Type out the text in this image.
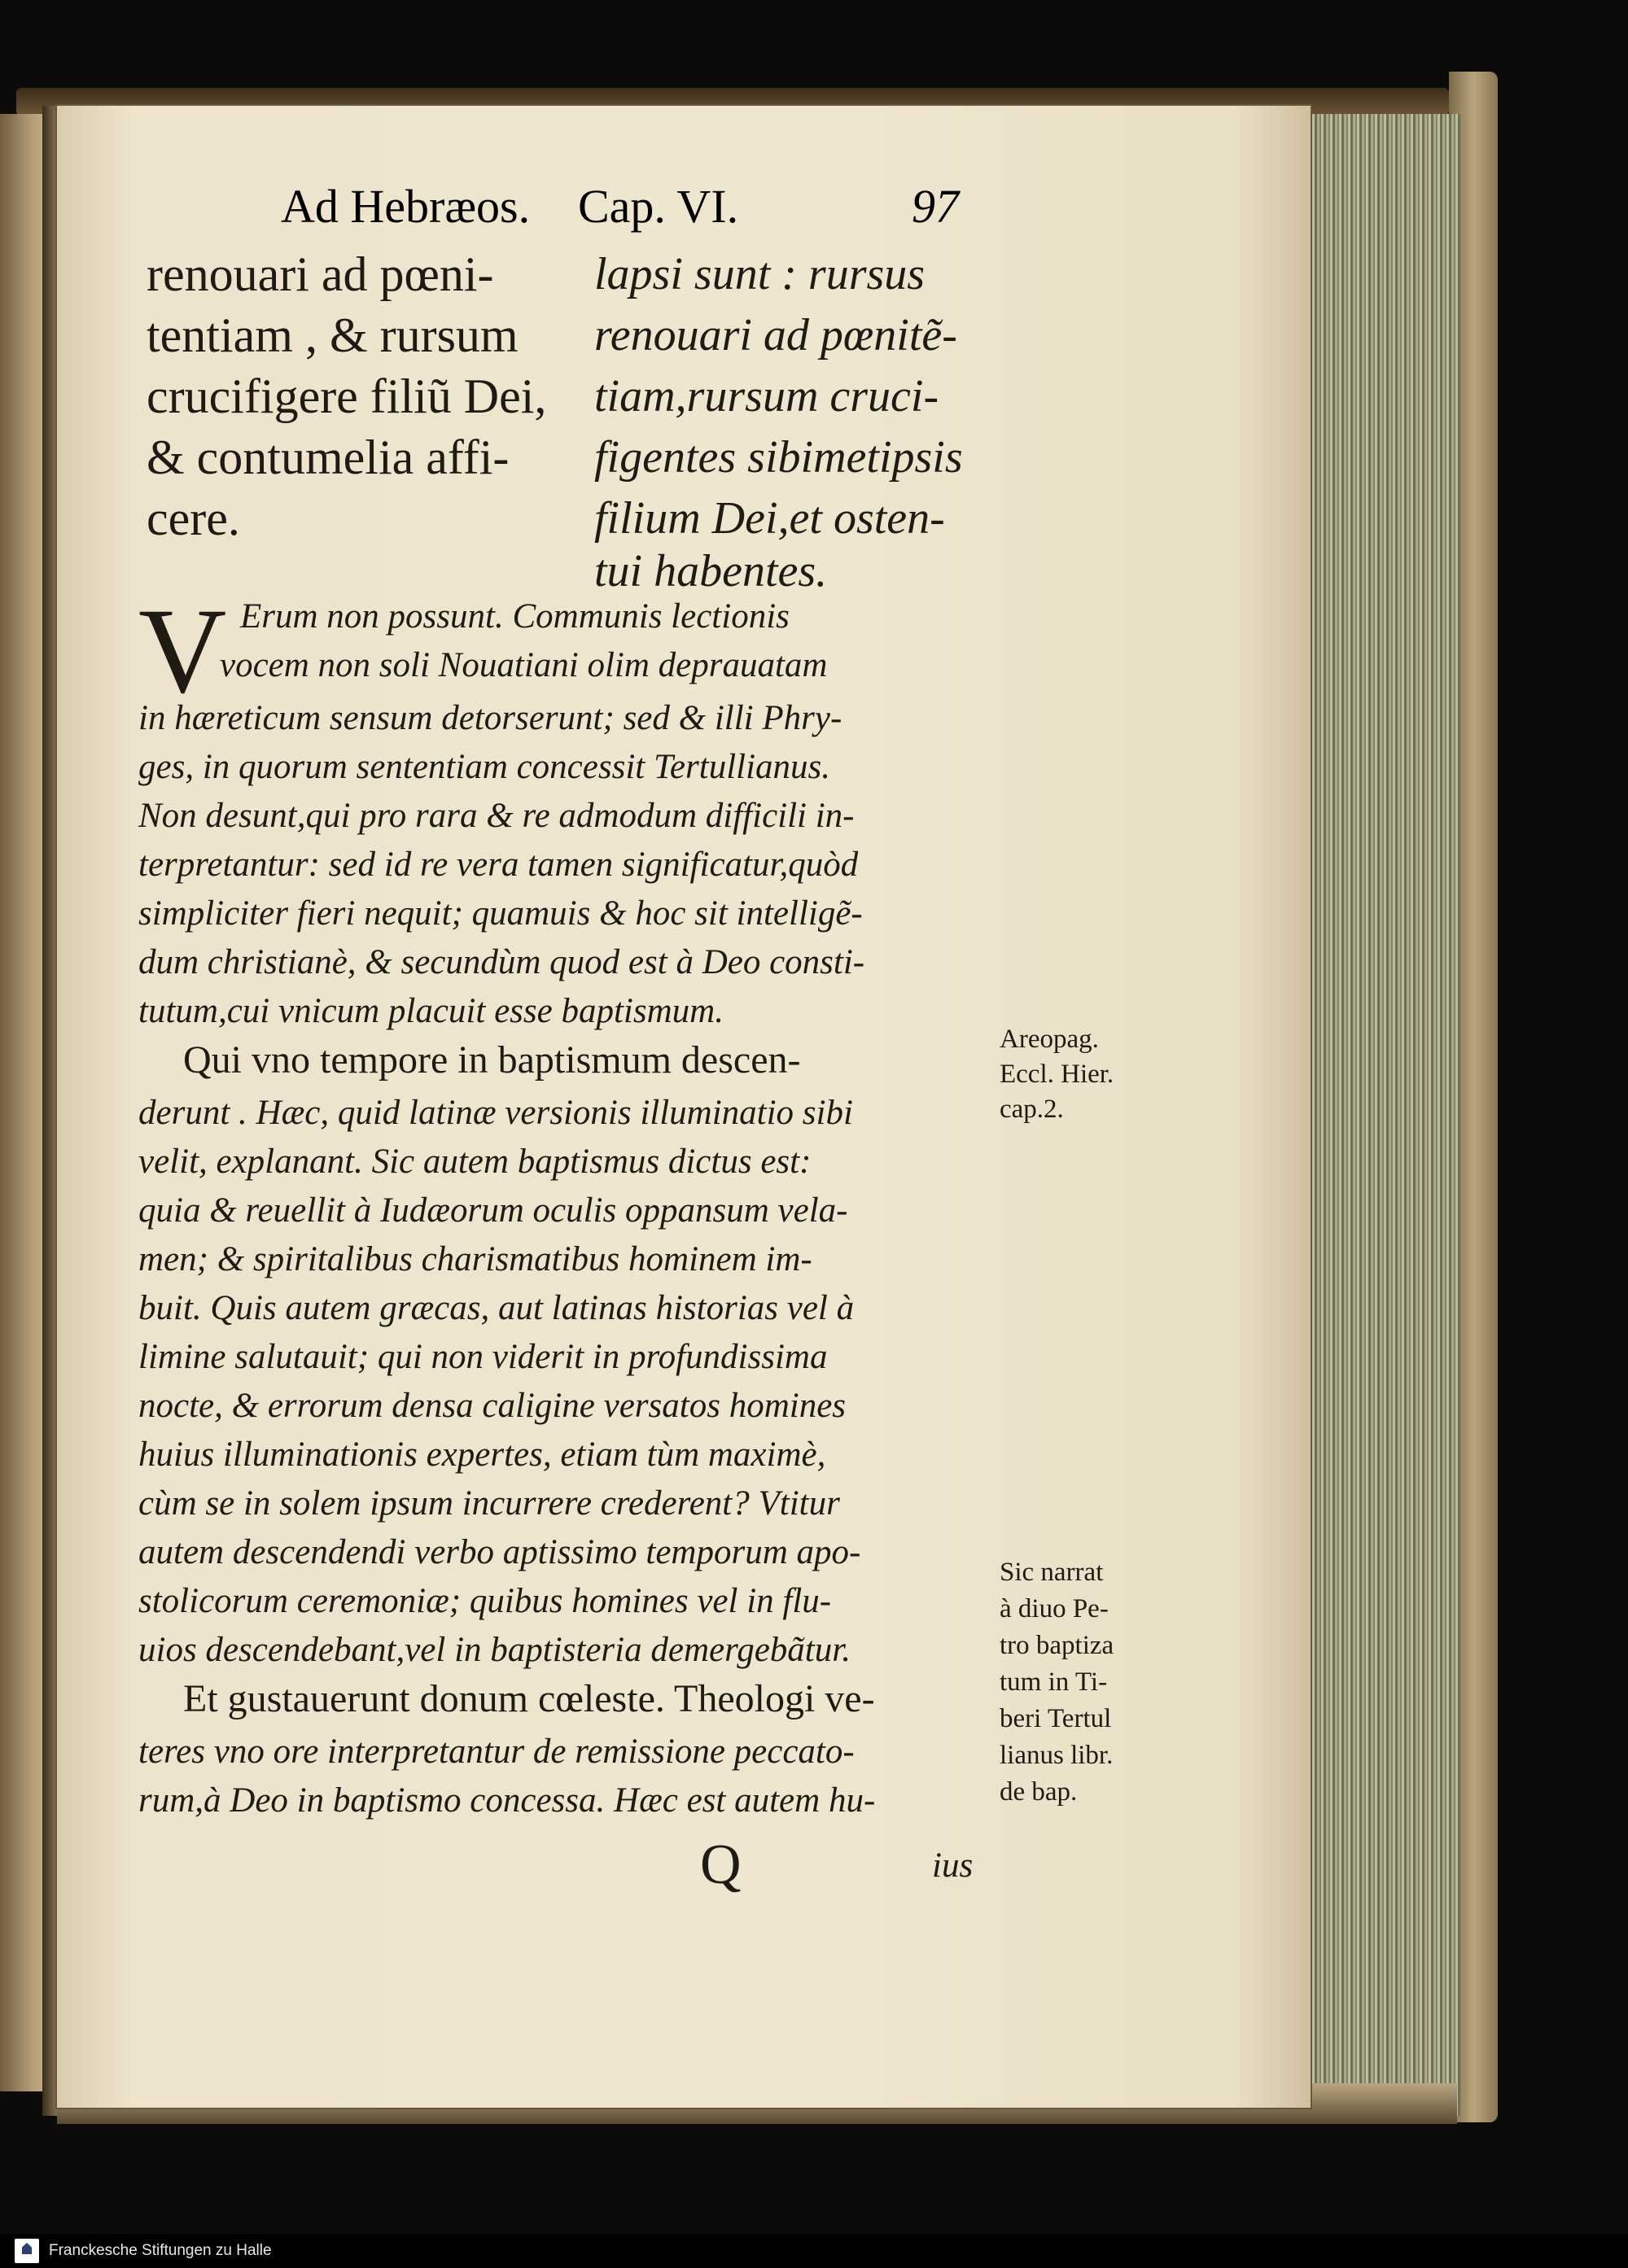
Ad Hebræos. Cap. VI.	97

renouari ad pœni-

tentiam , & rursum

crucifigere filiũ Dei,

& contumelia affi-

cere.

lapsi sunt : rursus

renouari ad pœnitẽ-

tiam,rursum cruci-

figentes sibimetipsis

filium Dei,et osten-

tui habentes.

V Erum non possunt. Communis lectionis

vocem non soli Nouatiani olim deprauatam

in hæreticum sensum detorserunt; sed & illi Phry-

ges, in quorum sententiam concessit Tertullianus.

Non desunt,qui pro rara & re admodum difficili in-

terpretantur: sed id re vera tamen significatur,quòd

simpliciter fieri nequit; quamuis & hoc sit intelligẽ-

dum christianè, & secundùm quod est à Deo consti-

tutum,cui vnicum placuit esse baptismum.

Qui vno tempore in baptismum descen-

derunt . Hæc, quid latinæ versionis illuminatio sibi

velit, explanant. Sic autem baptismus dictus est:

quia & reuellit à Iudæorum oculis oppansum vela-

men; & spiritalibus charismatibus hominem im-

buit. Quis autem græcas, aut latinas historias vel à

limine salutauit; qui non viderit in profundissima

nocte, & errorum densa caligine versatos homines

huius illuminationis expertes, etiam tùm maximè,

cùm se in solem ipsum incurrere crederent? Vtitur

autem descendendi verbo aptissimo temporum apo-

stolicorum ceremoniæ; quibus homines vel in flu-

uios descendebant,vel in baptisteria demergebãtur.

Et gustauerunt donum cœleste. Theologi ve-

teres vno ore interpretantur de remissione peccato-

rum,à Deo in baptismo concessa. Hæc est autem hu-

Q	ius

Areopag.

Eccl. Hier.

cap.2.

Sic narrat

à diuo Pe-

tro baptiza

tum in Ti-

beri Tertul

lianus libr.

de bap.

Franckesche Stiftungen zu Halle
